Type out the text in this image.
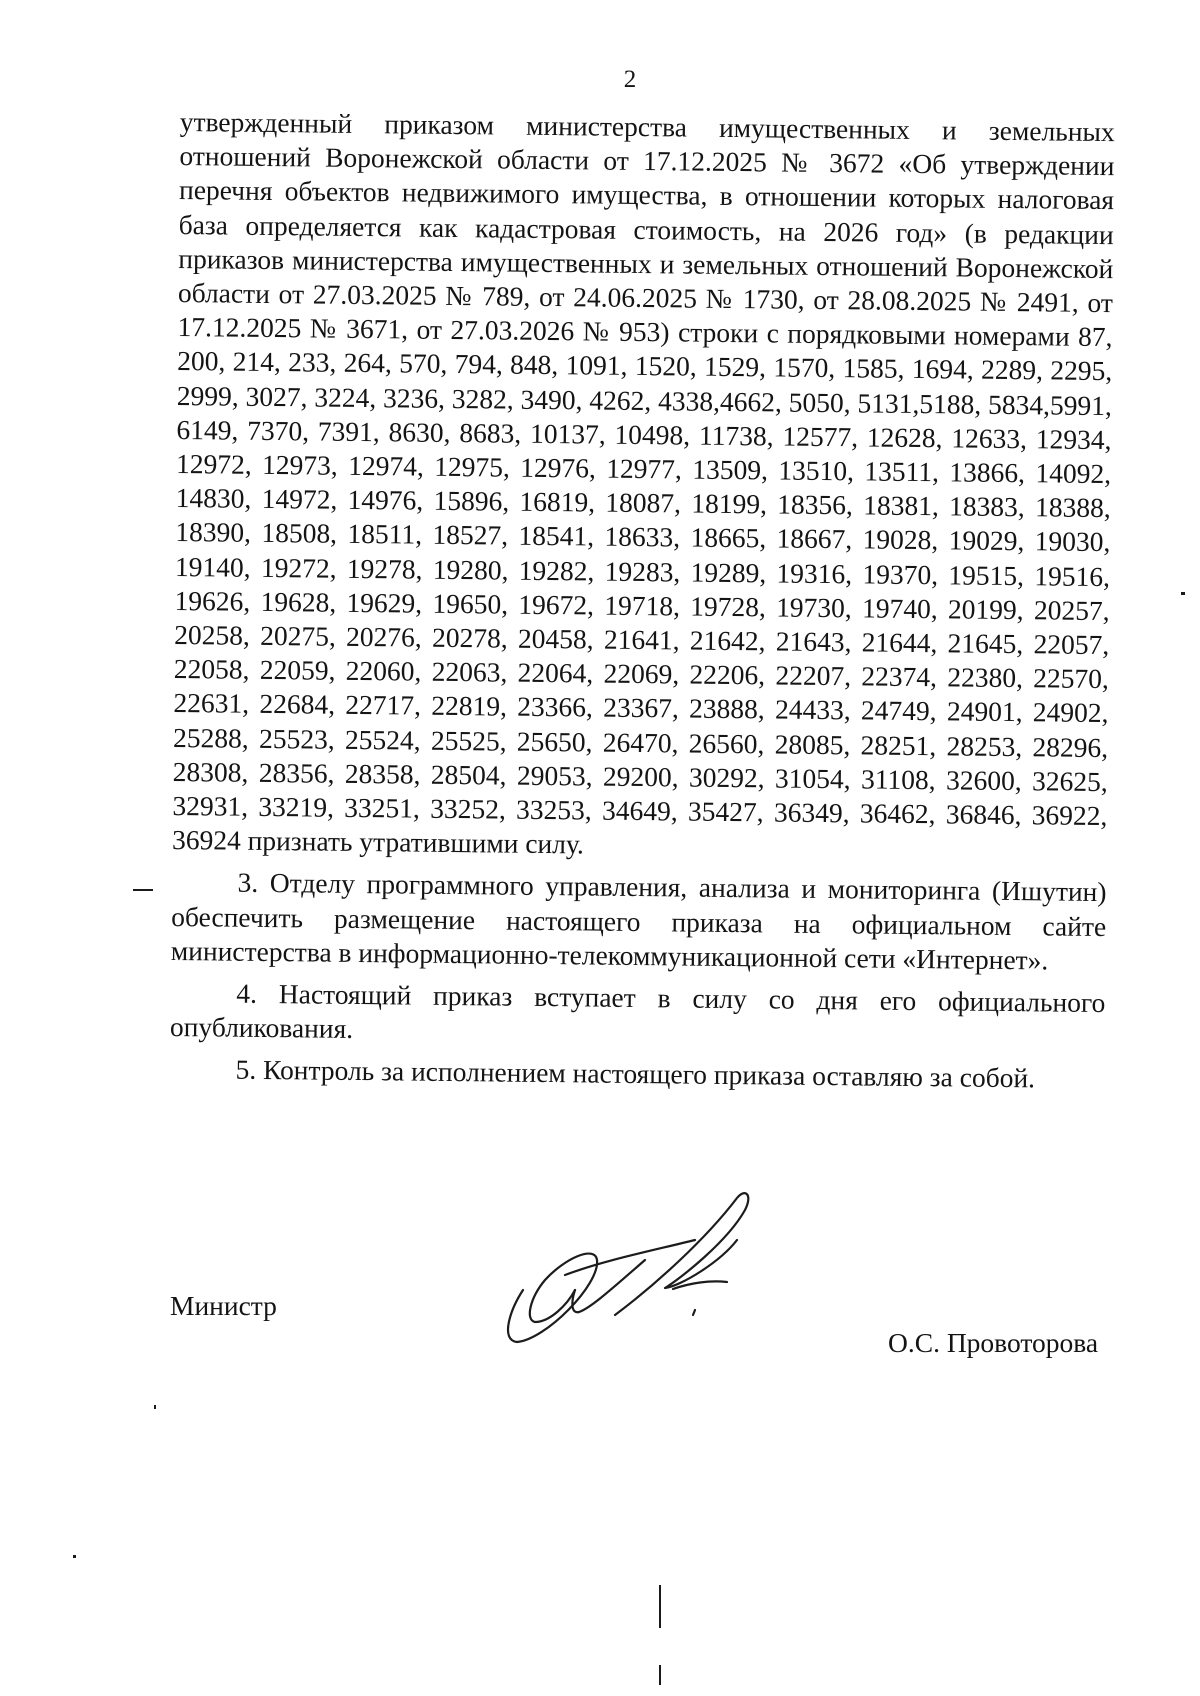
2

утвержденный приказом министерства имущественных и земельных отношений Воронежской области от 17.12.2025 № 3672 «Об утверждении перечня объектов недвижимого имущества, в отношении которых налоговая база определяется как кадастровая стоимость, на 2026 год» (в редакции приказов министерства имущественных и земельных отношений Воронежской области от 27.03.2025 № 789, от 24.06.2025 № 1730, от 28.08.2025 № 2491, от 17.12.2025 № 3671, от 27.03.2026 № 953) строки с порядковыми номерами 87, 200, 214, 233, 264, 570, 794, 848, 1091, 1520, 1529, 1570, 1585, 1694, 2289, 2295, 2999, 3027, 3224, 3236, 3282, 3490, 4262, 4338,4662, 5050, 5131,5188, 5834,5991, 6149, 7370, 7391, 8630, 8683, 10137, 10498, 11738, 12577, 12628, 12633, 12934, 12972, 12973, 12974, 12975, 12976, 12977, 13509, 13510, 13511, 13866, 14092, 14830, 14972, 14976, 15896, 16819, 18087, 18199, 18356, 18381, 18383, 18388, 18390, 18508, 18511, 18527, 18541, 18633, 18665, 18667, 19028, 19029, 19030, 19140, 19272, 19278, 19280, 19282, 19283, 19289, 19316, 19370, 19515, 19516, 19626, 19628, 19629, 19650, 19672, 19718, 19728, 19730, 19740, 20199, 20257, 20258, 20275, 20276, 20278, 20458, 21641, 21642, 21643, 21644, 21645, 22057, 22058, 22059, 22060, 22063, 22064, 22069, 22206, 22207, 22374, 22380, 22570, 22631, 22684, 22717, 22819, 23366, 23367, 23888, 24433, 24749, 24901, 24902, 25288, 25523, 25524, 25525, 25650, 26470, 26560, 28085, 28251, 28253, 28296, 28308, 28356, 28358, 28504, 29053, 29200, 30292, 31054, 31108, 32600, 32625, 32931, 33219, 33251, 33252, 33253, 34649, 35427, 36349, 36462, 36846, 36922, 36924 признать утратившими силу.

3. Отделу программного управления, анализа и мониторинга (Ишутин) обеспечить размещение настоящего приказа на официальном сайте министерства в информационно-телекоммуникационной сети «Интернет».

4. Настоящий приказ вступает в силу со дня его официального опубликования.

5. Контроль за исполнением настоящего приказа оставляю за собой.

Министр
О.С. Провоторова
